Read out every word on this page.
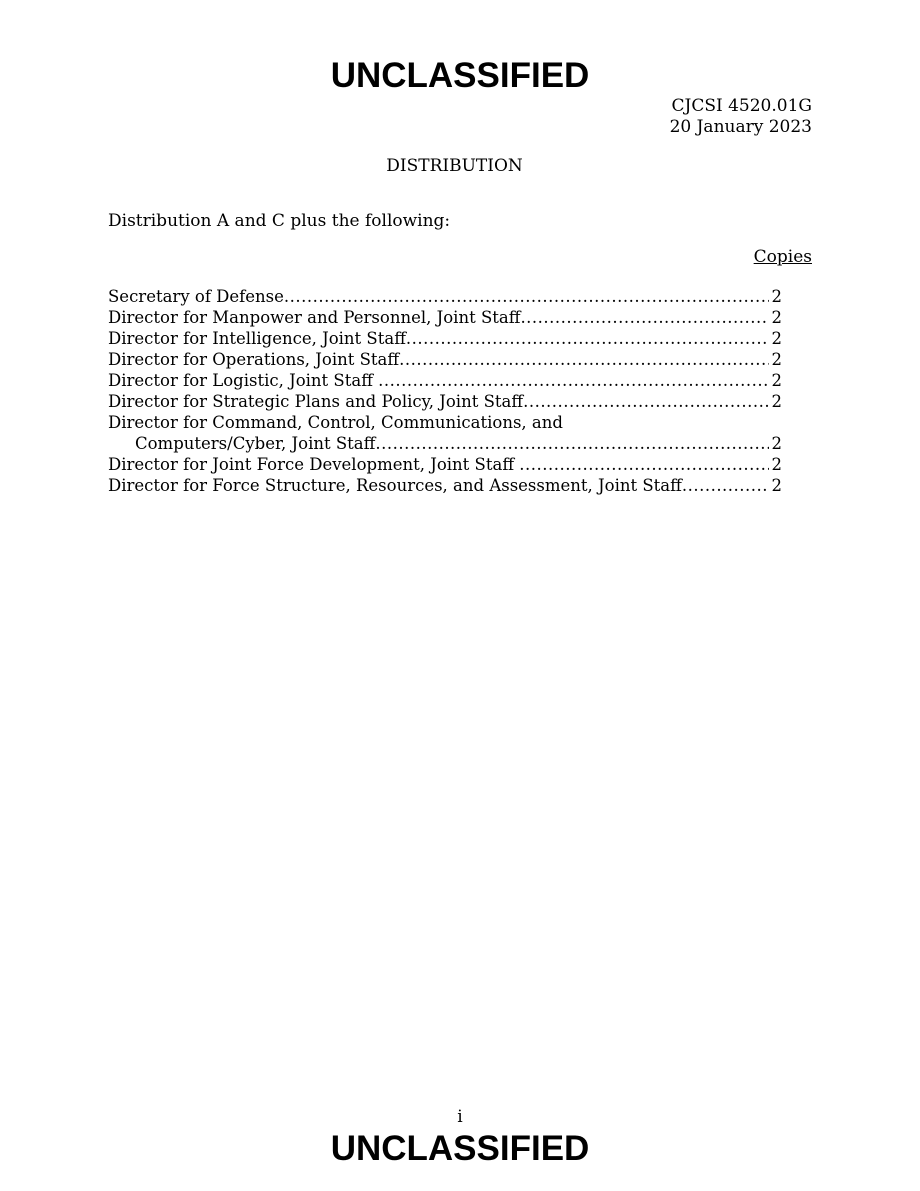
UNCLASSIFIED
CJCSI 4520.01G
20 January 2023
DISTRIBUTION
Distribution A and C plus the following:
Copies
Secretary of Defense .....	2
Director for Manpower and Personnel, Joint Staff .....	2
Director for Intelligence, Joint Staff .....	2
Director for Operations, Joint Staff .....	2
Director for Logistic, Joint Staff .....	2
Director for Strategic Plans and Policy, Joint Staff .....	2
Director for Command, Control, Communications, and
Computers/Cyber, Joint Staff .....	2
Director for Joint Force Development, Joint Staff .....	2
Director for Force Structure, Resources, and Assessment, Joint Staff .....	2
i
UNCLASSIFIED
